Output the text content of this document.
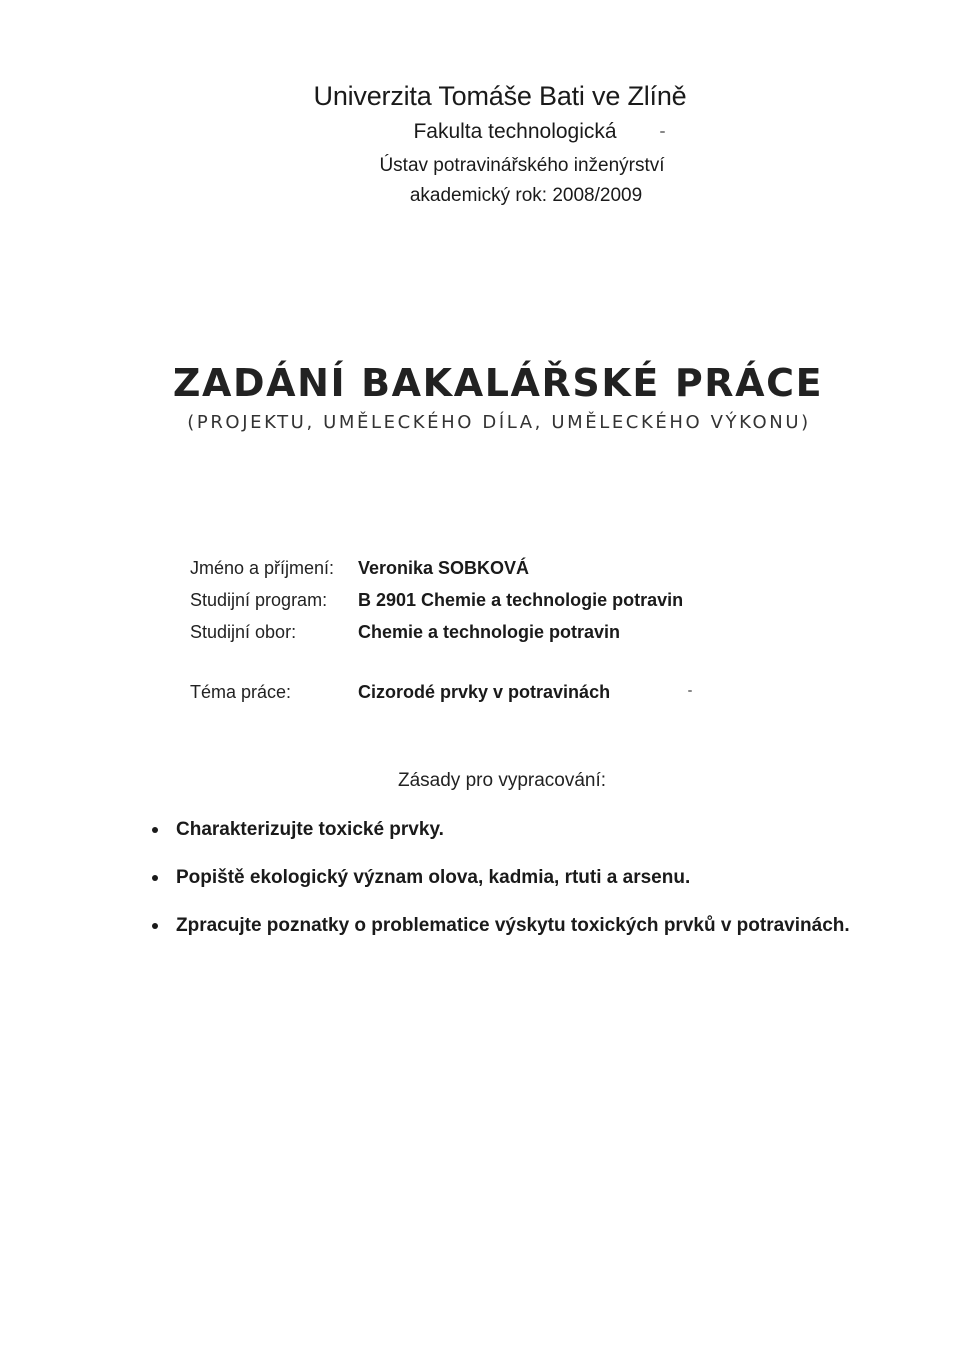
Univerzita Tomáše Bati ve Zlíně
Fakulta technologická
Ústav potravinářského inženýrství
akademický rok: 2008/2009
ZADÁNÍ BAKALÁŘSKÉ PRÁCE
(PROJEKTU, UMĚLECKÉHO DÍLA, UMĚLECKÉHO VÝKONU)
Jméno a příjmení:	Veronika SOBKOVÁ
Studijní program:	B 2901 Chemie a technologie potravin
Studijní obor:	Chemie a technologie potravin
Téma práce:	Cizorodé prvky v potravinách
Zásady pro vypracování:
Charakterizujte toxické prvky.
Popiště ekologický význam olova, kadmia, rtuti a arsenu.
Zpracujte poznatky o problematice výskytu toxických prvků v potravinách.
